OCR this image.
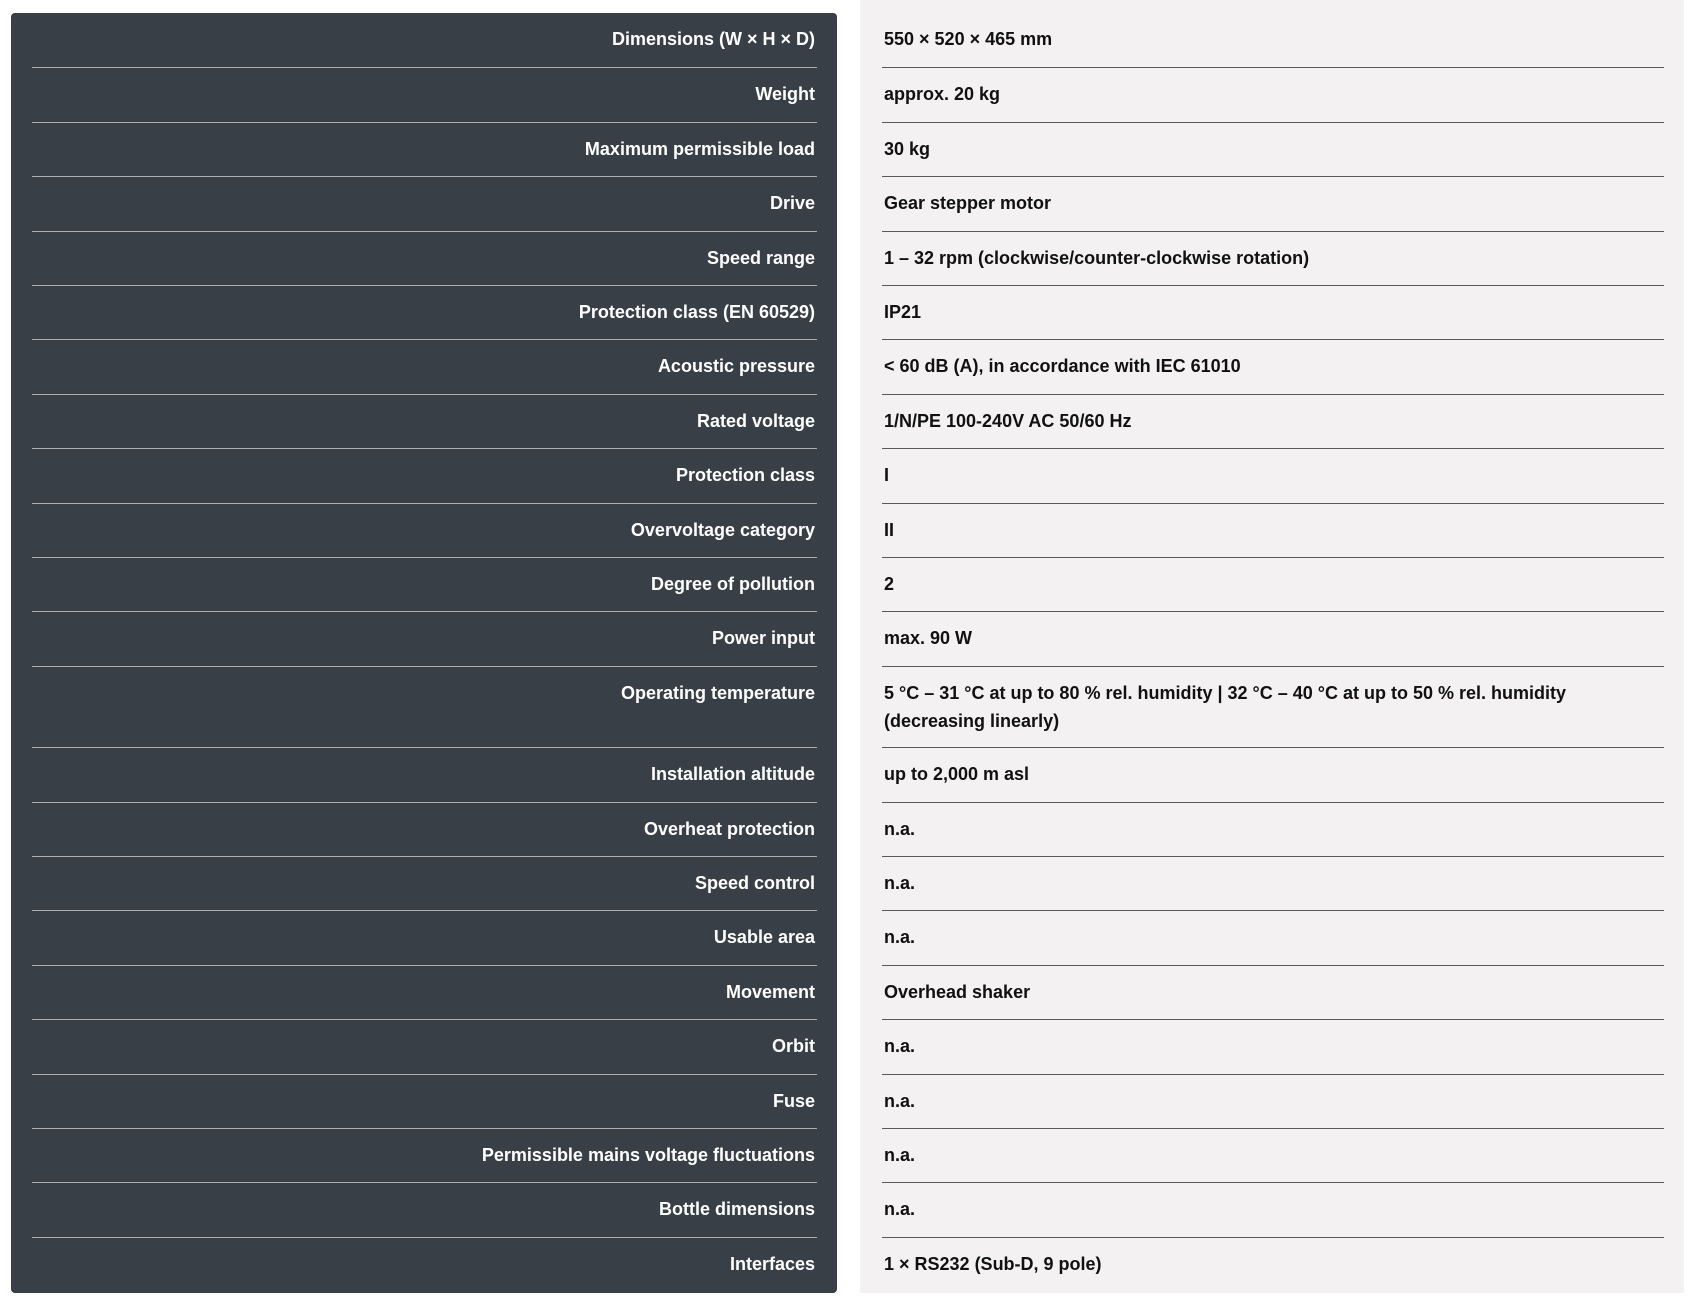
Dimensions (W × H × D)	550 × 520 × 465 mm
Weight	approx. 20 kg
Maximum permissible load	30 kg
Drive	Gear stepper motor
Speed range	1 – 32 rpm (clockwise/counter-clockwise rotation)
Protection class (EN 60529)	IP21
Acoustic pressure	< 60 dB (A), in accordance with IEC 61010
Rated voltage	1/N/PE 100-240V AC 50/60 Hz
Protection class	I
Overvoltage category	II
Degree of pollution	2
Power input	max. 90 W
Operating temperature	5 °C – 31 °C at up to 80 % rel. humidity | 32 °C – 40 °C at up to 50 % rel. humidity (decreasing linearly)
Installation altitude	up to 2,000 m asl
Overheat protection	n.a.
Speed control	n.a.
Usable area	n.a.
Movement	Overhead shaker
Orbit	n.a.
Fuse	n.a.
Permissible mains voltage fluctuations	n.a.
Bottle dimensions	n.a.
Interfaces	1 × RS232 (Sub-D, 9 pole)
